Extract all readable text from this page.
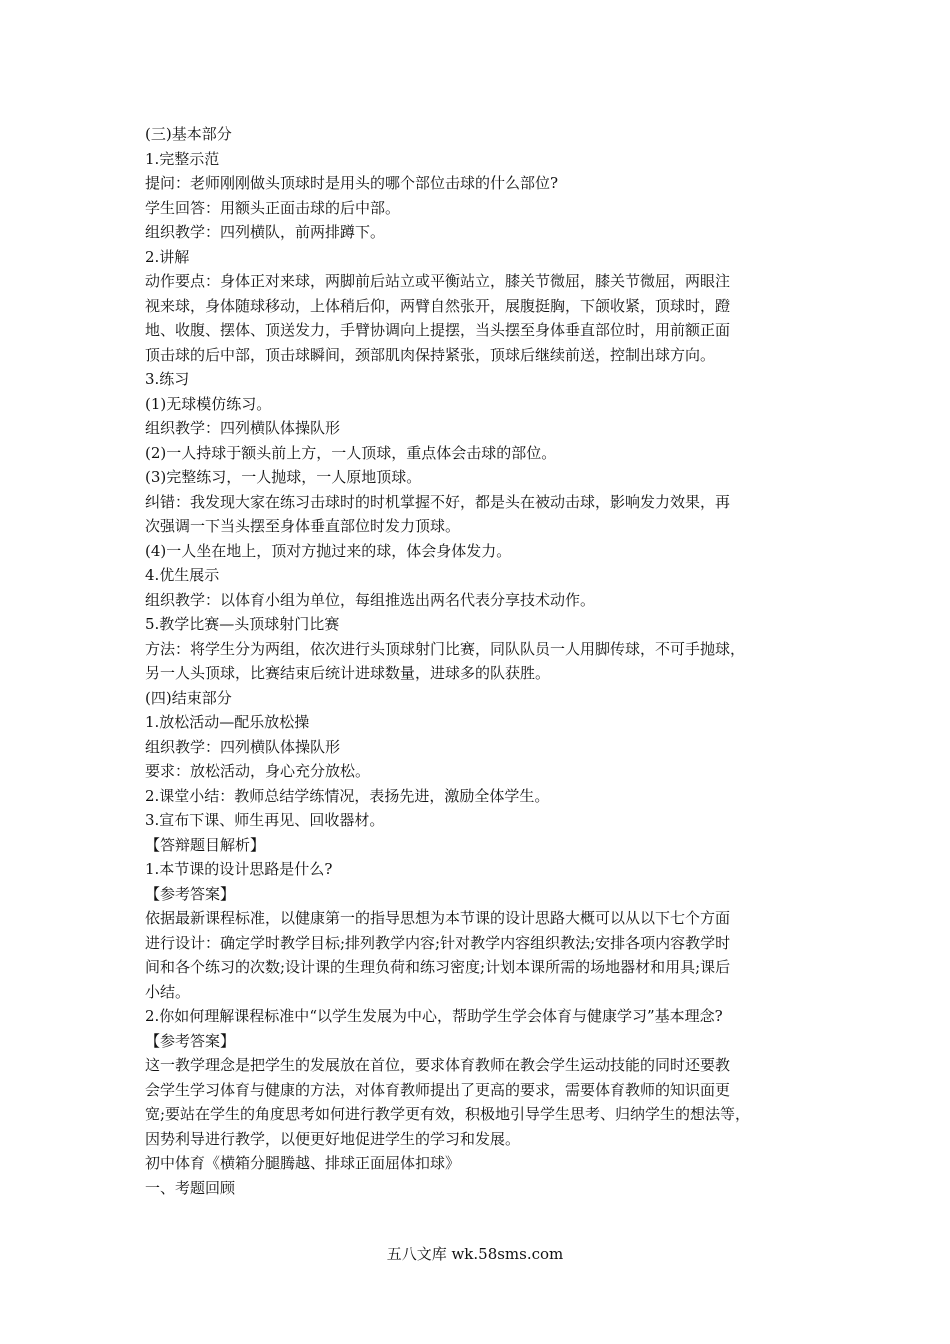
(三)基本部分

1.完整示范

提问：老师刚刚做头顶球时是用头的哪个部位击球的什么部位?

学生回答：用额头正面击球的后中部。

组织教学：四列横队，前两排蹲下。

2.讲解

动作要点：身体正对来球，两脚前后站立或平衡站立，膝关节微屈，膝关节微屈，两眼注

视来球，身体随球移动，上体稍后仰，两臂自然张开，展腹挺胸，下颌收紧，顶球时，蹬

地、收腹、摆体、顶送发力，手臂协调向上提摆，当头摆至身体垂直部位时，用前额正面

顶击球的后中部，顶击球瞬间，颈部肌肉保持紧张，顶球后继续前送，控制出球方向。

3.练习

(1)无球模仿练习。

组织教学：四列横队体操队形

(2)一人持球于额头前上方，一人顶球，重点体会击球的部位。

(3)完整练习，一人抛球，一人原地顶球。

纠错：我发现大家在练习击球时的时机掌握不好，都是头在被动击球，影响发力效果，再

次强调一下当头摆至身体垂直部位时发力顶球。

(4)一人坐在地上，顶对方抛过来的球，体会身体发力。

4.优生展示

组织教学：以体育小组为单位，每组推选出两名代表分享技术动作。

5.教学比赛—头顶球射门比赛

方法：将学生分为两组，依次进行头顶球射门比赛，同队队员一人用脚传球，不可手抛球，

另一人头顶球，比赛结束后统计进球数量，进球多的队获胜。

(四)结束部分

1.放松活动—配乐放松操

组织教学：四列横队体操队形

要求：放松活动，身心充分放松。

2.课堂小结：教师总结学练情况，表扬先进，激励全体学生。

3.宣布下课、师生再见、回收器材。

【答辩题目解析】

1.本节课的设计思路是什么?

【参考答案】

依据最新课程标准，以健康第一的指导思想为本节课的设计思路大概可以从以下七个方面

进行设计：确定学时教学目标;排列教学内容;针对教学内容组织教法;安排各项内容教学时

间和各个练习的次数;设计课的生理负荷和练习密度;计划本课所需的场地器材和用具;课后

小结。

2.你如何理解课程标准中“以学生发展为中心，帮助学生学会体育与健康学习”基本理念?

【参考答案】

这一教学理念是把学生的发展放在首位，要求体育教师在教会学生运动技能的同时还要教

会学生学习体育与健康的方法，对体育教师提出了更高的要求，需要体育教师的知识面更

宽;要站在学生的角度思考如何进行教学更有效，积极地引导学生思考、归纳学生的想法等，

因势利导进行教学，以便更好地促进学生的学习和发展。

初中体育《横箱分腿腾越、排球正面屈体扣球》

一、考题回顾

五八文库 wk.58sms.com
